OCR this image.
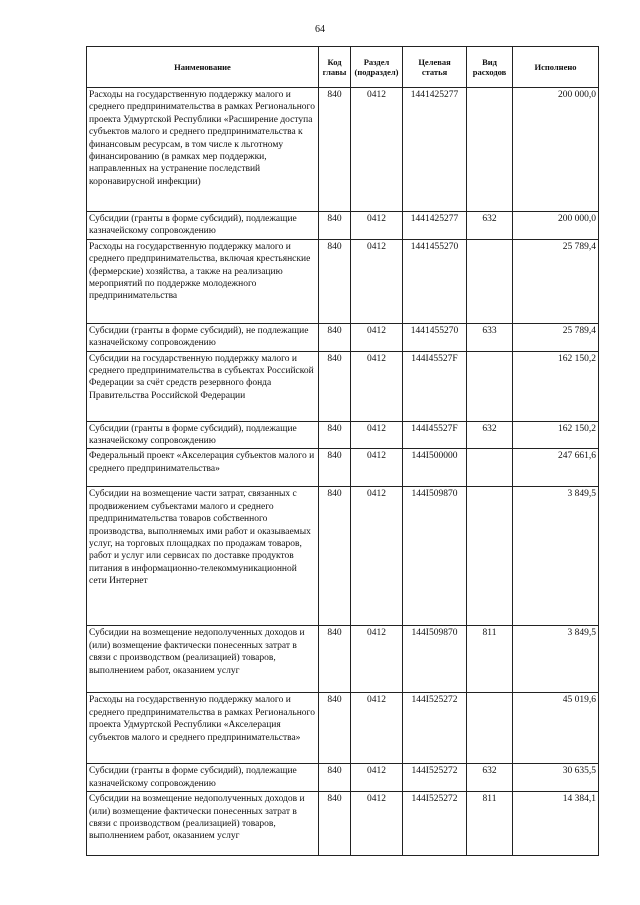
64
Наименование	Код главы	Раздел (подраздел)	Целевая статья	Вид расходов	Исполнено
Расходы на государственную поддержку малого и среднего предпринимательства в рамках Регионального проекта Удмуртской Республики «Расширение доступа субъектов малого и среднего предпринимательства к финансовым ресурсам, в том числе к льготному финансированию (в рамках мер поддержки, направленных на устранение последствий коронавирусной инфекции)	840	0412	1441425277		200 000,0
Субсидии (гранты в форме субсидий), подлежащие казначейскому сопровождению	840	0412	1441425277	632	200 000,0
Расходы на государственную поддержку малого и среднего предпринимательства, включая крестьянские (фермерские) хозяйства, а также на реализацию мероприятий по поддержке молодежного предпринимательства	840	0412	1441455270		25 789,4
Субсидии (гранты в форме субсидий), не подлежащие казначейскому сопровождению	840	0412	1441455270	633	25 789,4
Субсидии на государственную поддержку малого и среднего предпринимательства в субъектах Российской Федерации за счёт средств резервного фонда Правительства Российской Федерации	840	0412	144I45527F		162 150,2
Субсидии (гранты в форме субсидий), подлежащие казначейскому сопровождению	840	0412	144I45527F	632	162 150,2
Федеральный проект «Акселерация субъектов малого и среднего предпринимательства»	840	0412	144I500000		247 661,6
Субсидии на возмещение части затрат, связанных с продвижением субъектами малого и среднего предпринимательства товаров собственного производства, выполняемых ими работ и оказываемых услуг, на торговых площадках по продажам товаров, работ и услуг или сервисах по доставке продуктов питания в информационно-телекоммуникационной сети Интернет	840	0412	144I509870		3 849,5
Субсидии на возмещение недополученных доходов и (или) возмещение фактически понесенных затрат в связи с производством (реализацией) товаров, выполнением работ, оказанием услуг	840	0412	144I509870	811	3 849,5
Расходы на государственную поддержку малого и среднего предпринимательства в рамках Регионального проекта Удмуртской Республики «Акселерация субъектов малого и среднего предпринимательства»	840	0412	144I525272		45 019,6
Субсидии (гранты в форме субсидий), подлежащие казначейскому сопровождению	840	0412	144I525272	632	30 635,5
Субсидии на возмещение недополученных доходов и (или) возмещение фактически понесенных затрат в связи с производством (реализацией) товаров, выполнением работ, оказанием услуг	840	0412	144I525272	811	14 384,1
